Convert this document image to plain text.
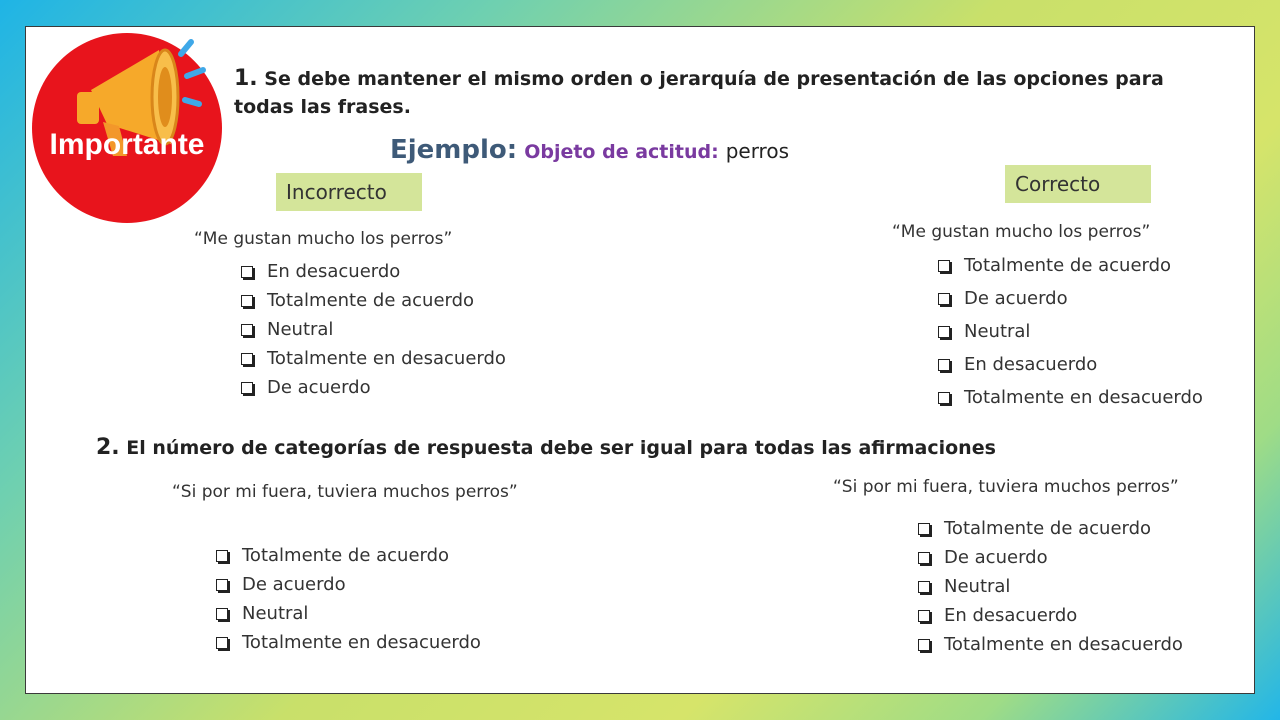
Importante
1. Se debe mantener el mismo orden o jerarquía de presentación de las opciones para
todas las frases.
Ejemplo: Objeto de actitud: perros
Incorrecto	Correcto
“Me gustan mucho los perros”
En desacuerdo
Totalmente de acuerdo
Neutral
Totalmente en desacuerdo
De acuerdo
“Me gustan mucho los perros”
Totalmente de acuerdo
De acuerdo
Neutral
En desacuerdo
Totalmente en desacuerdo
2. El número de categorías de respuesta debe ser igual para todas las afirmaciones
“Si por mi fuera, tuviera muchos perros”
Totalmente de acuerdo
De acuerdo
Neutral
Totalmente en desacuerdo
“Si por mi fuera, tuviera muchos perros”
Totalmente de acuerdo
De acuerdo
Neutral
En desacuerdo
Totalmente en desacuerdo
